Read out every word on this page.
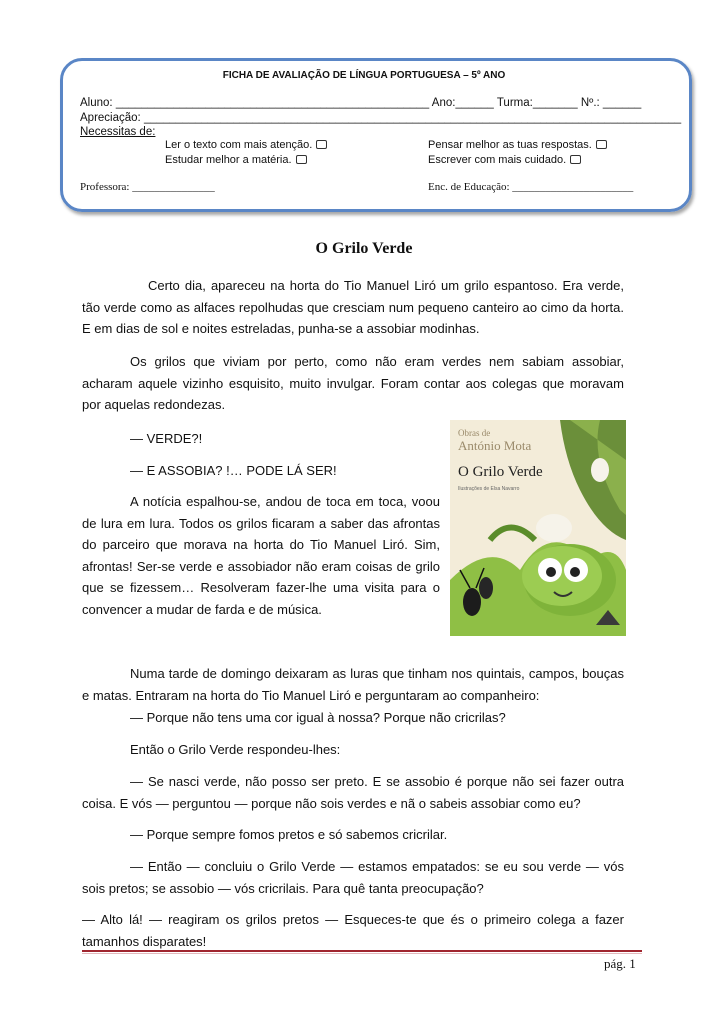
FICHA DE AVALIAÇÃO DE LÍNGUA PORTUGUESA – 5º ANO
Aluno: _________________________________________________ Ano:______ Turma:_______ Nº.: ______
Apreciação: ____________________________________________________________________________________
Necessitas de:
Ler o texto com mais atenção.
Estudar melhor a matéria.
Pensar melhor as tuas respostas.
Escrever com mais cuidado.
Professora: _______________	Enc. de Educação: ______________________
O Grilo Verde

Certo dia, apareceu na horta do Tio Manuel Liró um grilo espantoso. Era verde, tão verde como as alfaces repolhudas que cresciam num pequeno canteiro ao cimo da horta. E em dias de sol e noites estreladas, punha-se a assobiar modinhas.

Os grilos que viviam por perto, como não eram verdes nem sabiam assobiar, acharam aquele vizinho esquisito, muito invulgar. Foram contar aos colegas que moravam por aquelas redondezas.

— VERDE?!

— E ASSOBIA? !… PODE LÁ SER!

A notícia espalhou-se, andou de toca em toca, voou de lura em lura. Todos os grilos ficaram a saber das afrontas do parceiro que morava na horta do Tio Manuel Liró. Sim, afrontas! Ser-se verde e assobiador não eram coisas de grilo que se fizessem… Resolveram fazer-lhe uma visita para o convencer a mudar de farda e de música.

Obras de
António Mota
O Grilo Verde
Ilustrações de Elsa Navarro

Numa tarde de domingo deixaram as luras que tinham nos quintais, campos, bouças e matas. Entraram na horta do Tio Manuel Liró e perguntaram ao companheiro:

— Porque não tens uma cor igual à nossa? Porque não cricrilas?

Então o Grilo Verde respondeu-lhes:

— Se nasci verde, não posso ser preto. E se assobio é porque não sei fazer outra coisa. E vós — perguntou — porque não sois verdes e nã o sabeis assobiar como eu?

— Porque sempre fomos pretos e só sabemos cricrilar.

— Então — concluiu o Grilo Verde — estamos empatados: se eu sou verde — vós sois pretos; se assobio — vós cricrilais. Para quê tanta preocupação?

— Alto lá! — reagiram os grilos pretos — Esqueces-te que és o primeiro colega a fazer tamanhos disparates!

pág. 1
